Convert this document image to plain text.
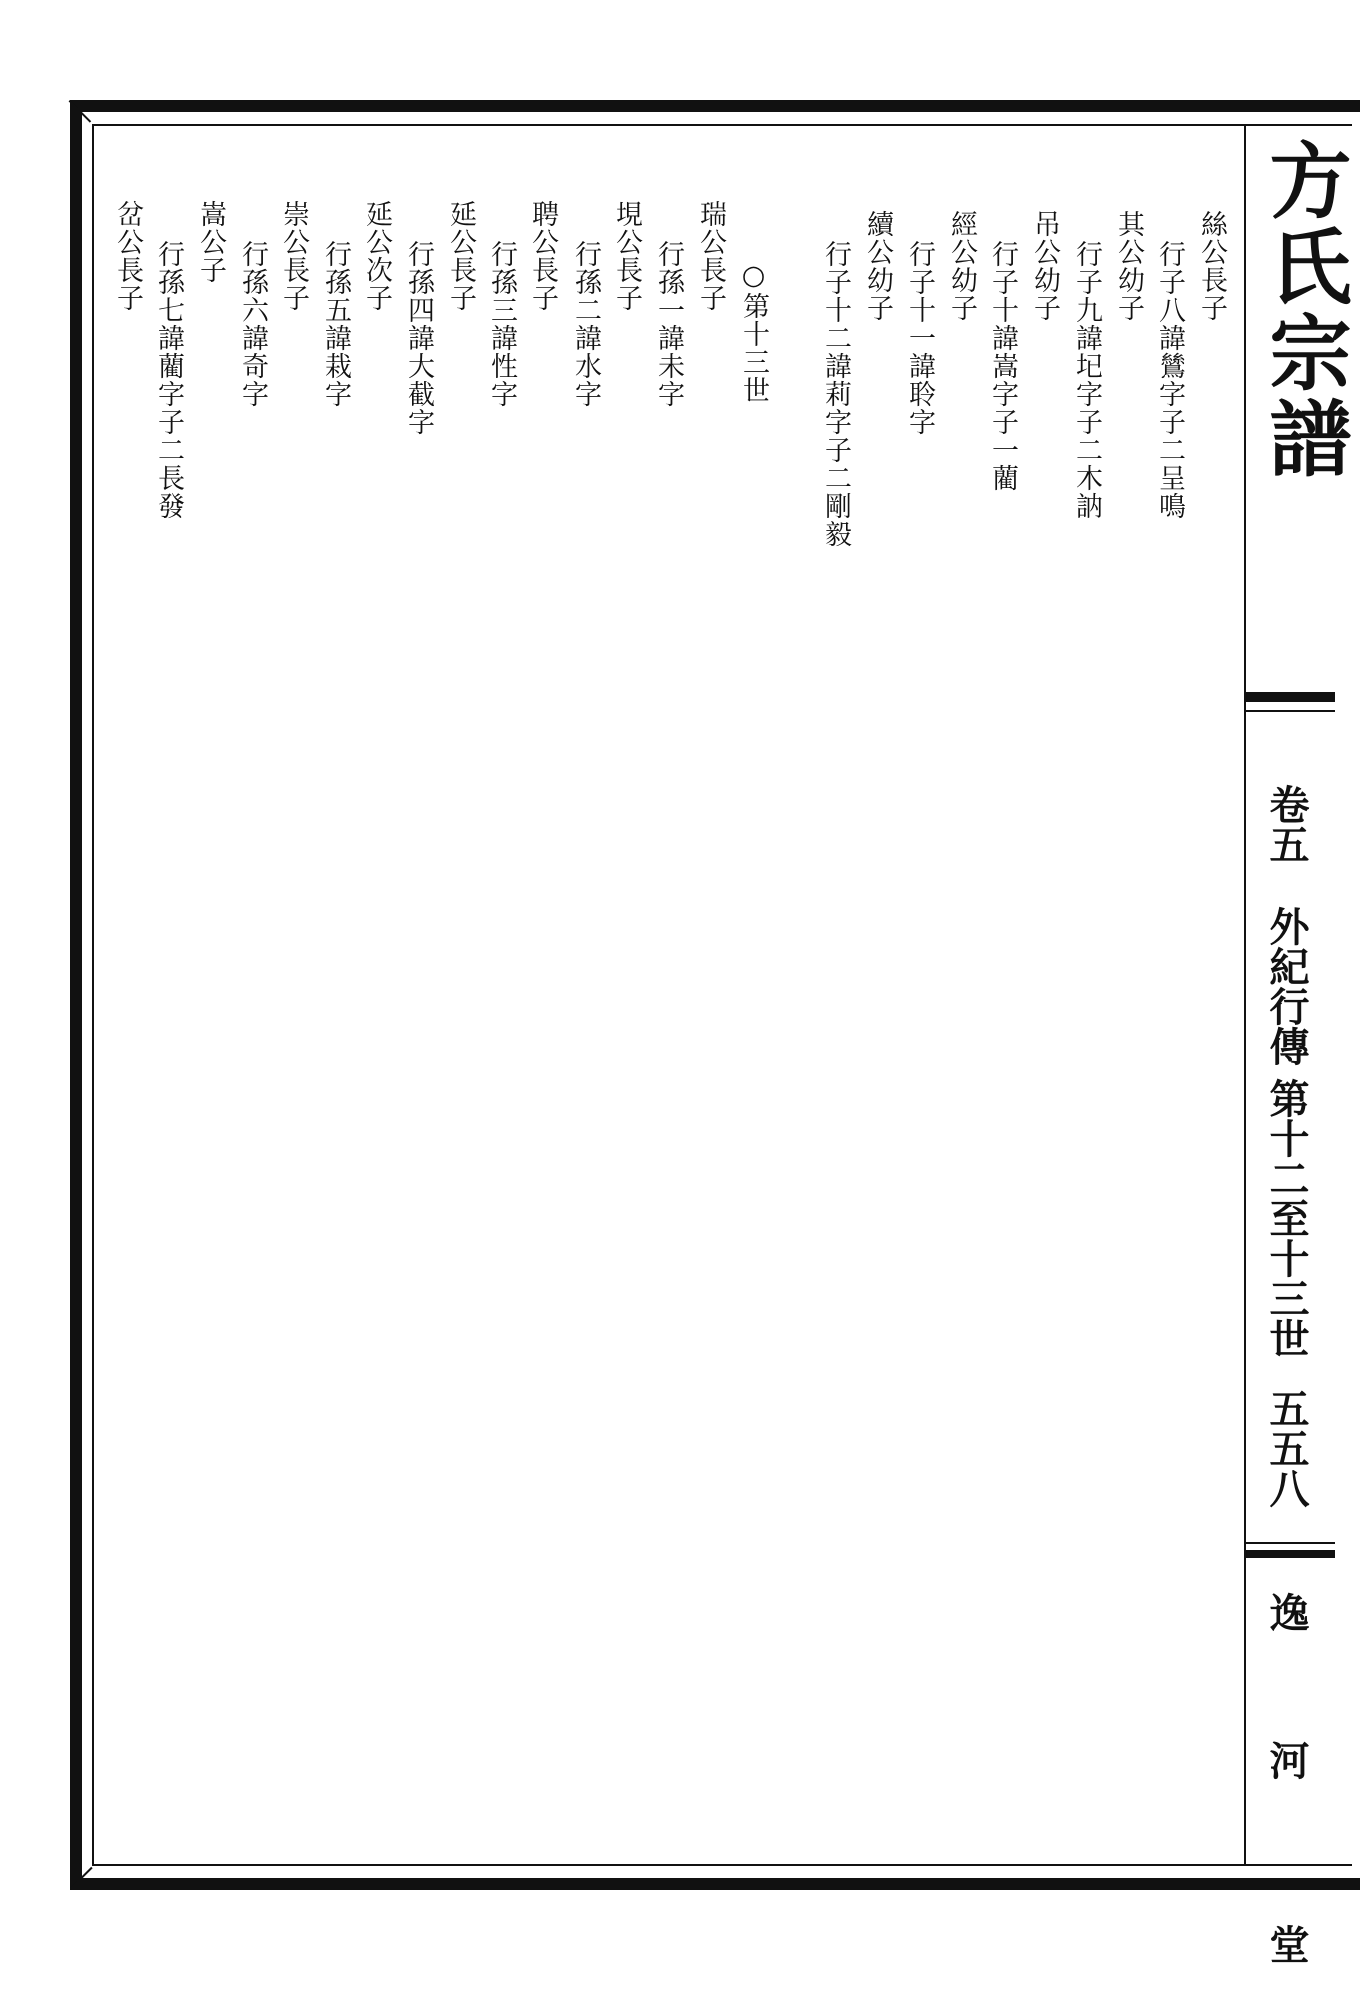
方氏宗譜
卷五
外紀行傳
第十二至十三世
五五八
逸
河
堂
絲公長子
行子八諱鷥字子二呈鳴
其公幼子
行子九諱𡉏字子二木訥
吊公幼子
行子十諱嵩字子一藺
經公幼子
行子十一諱聆字
續公幼子
行子十二諱莉字子二剛毅
○第十三世
瑞公長子
行孫一諱未字
垷公長子
行孫二諱水字
聘公長子
行孫三諱性字
延公長子
行孫四諱大截字
延公次子
行孫五諱栽字
崇公長子
行孫六諱奇字
嵩公子
行孫七諱藺字子二長發
岔公長子
